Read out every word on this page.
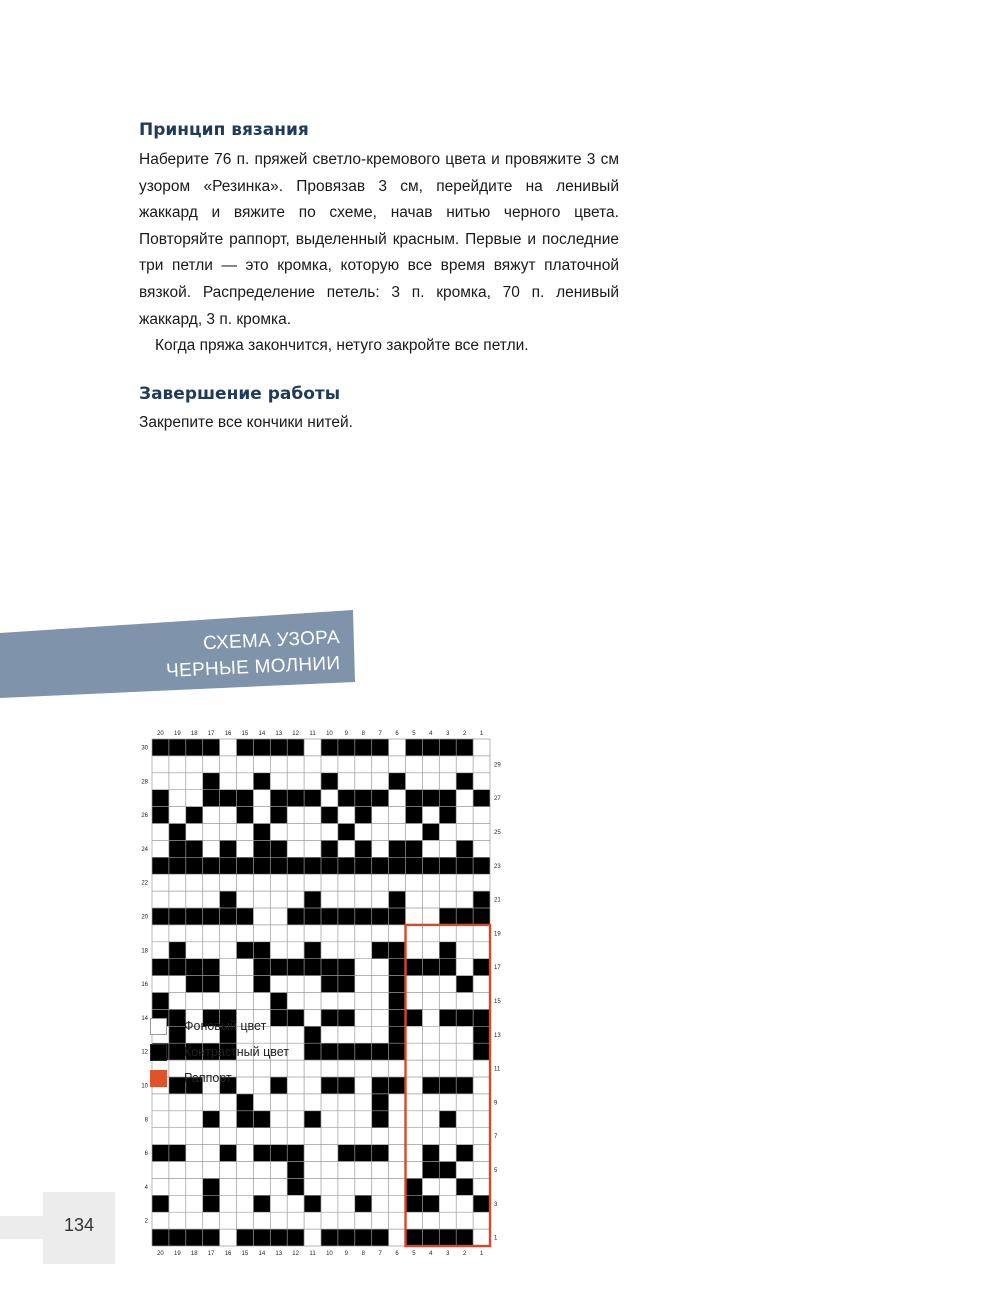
Принцип вязания

Наберите 76 п. пряжей светло-кремового цвета и провяжите 3 см узором «Резинка». Провязав 3 см, перейдите на ленивый жаккард и вяжите по схеме, начав нитью черного цвета. Повторяйте раппорт, выделенный красным. Первые и последние три петли — это кромка, которую все время вяжут платочной вязкой. Распределение петель: 3 п. кромка, 70 п. ленивый жаккард, 3 п. кромка.

Когда пряжа закончится, нетуго закройте все петли.

Завершение работы

Закрепите все кончики нитей.

СХЕМА УЗОРА
ЧЕРНЫЕ МОЛНИИ
20
20
19
19
18
18
17
17
16
16
15
15
14
14
13
13
12
12
11
11
10
10
9
9
8
8
7
7
6
6
5
5
4
4
3
3
2
2
1
1
30
29
28
27
26
25
24
23
22
21
20
19
18
17
16
15
14
13
12
11
10
9
8
7
6
5
4
3
2
1
Фоновый цвет
Контрастный цвет
Раппорт
134
